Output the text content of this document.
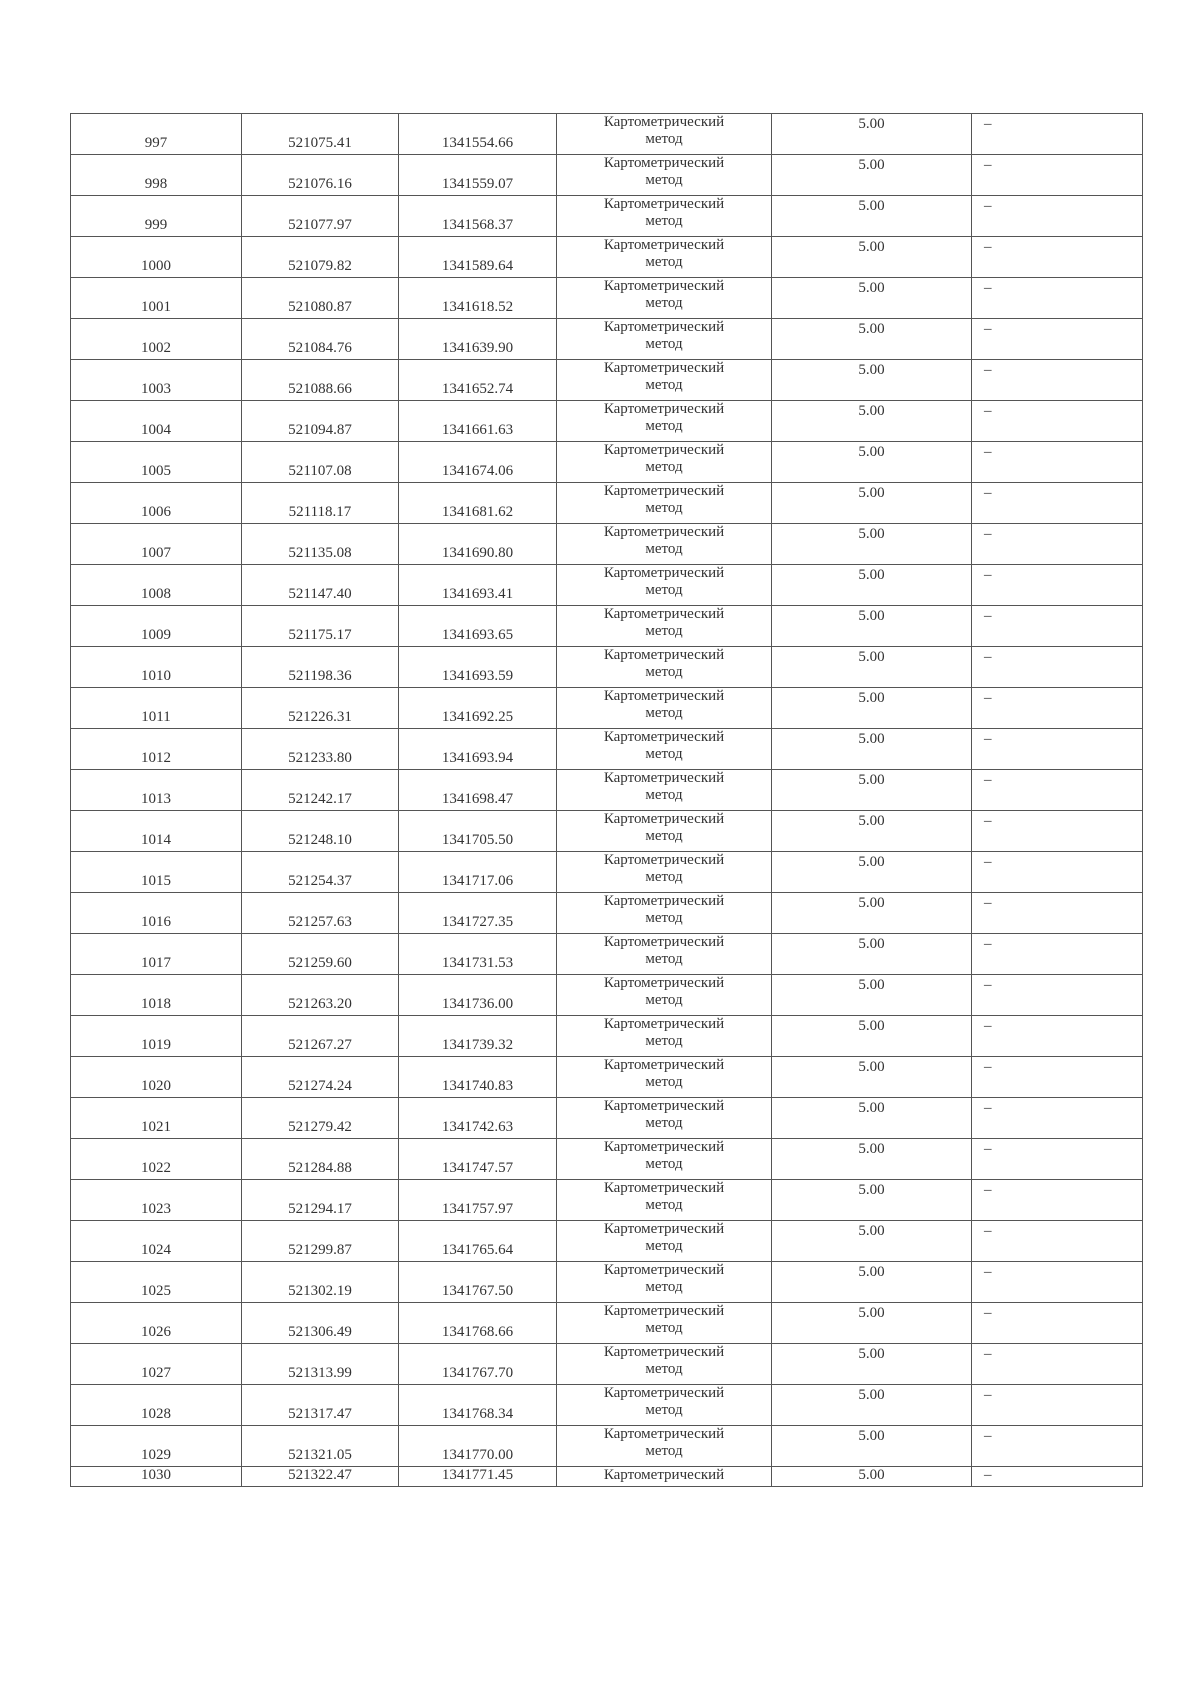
997	521075.41	1341554.66	Картометрический
метод	5.00	–

998	521076.16	1341559.07	Картометрический
метод	5.00	–

999	521077.97	1341568.37	Картометрический
метод	5.00	–

1000	521079.82	1341589.64	Картометрический
метод	5.00	–

1001	521080.87	1341618.52	Картометрический
метод	5.00	–

1002	521084.76	1341639.90	Картометрический
метод	5.00	–

1003	521088.66	1341652.74	Картометрический
метод	5.00	–

1004	521094.87	1341661.63	Картометрический
метод	5.00	–

1005	521107.08	1341674.06	Картометрический
метод	5.00	–

1006	521118.17	1341681.62	Картометрический
метод	5.00	–

1007	521135.08	1341690.80	Картометрический
метод	5.00	–

1008	521147.40	1341693.41	Картометрический
метод	5.00	–

1009	521175.17	1341693.65	Картометрический
метод	5.00	–

1010	521198.36	1341693.59	Картометрический
метод	5.00	–

1011	521226.31	1341692.25	Картометрический
метод	5.00	–

1012	521233.80	1341693.94	Картометрический
метод	5.00	–

1013	521242.17	1341698.47	Картометрический
метод	5.00	–

1014	521248.10	1341705.50	Картометрический
метод	5.00	–

1015	521254.37	1341717.06	Картометрический
метод	5.00	–

1016	521257.63	1341727.35	Картометрический
метод	5.00	–

1017	521259.60	1341731.53	Картометрический
метод	5.00	–

1018	521263.20	1341736.00	Картометрический
метод	5.00	–

1019	521267.27	1341739.32	Картометрический
метод	5.00	–

1020	521274.24	1341740.83	Картометрический
метод	5.00	–

1021	521279.42	1341742.63	Картометрический
метод	5.00	–

1022	521284.88	1341747.57	Картометрический
метод	5.00	–

1023	521294.17	1341757.97	Картометрический
метод	5.00	–

1024	521299.87	1341765.64	Картометрический
метод	5.00	–

1025	521302.19	1341767.50	Картометрический
метод	5.00	–

1026	521306.49	1341768.66	Картометрический
метод	5.00	–

1027	521313.99	1341767.70	Картометрический
метод	5.00	–

1028	521317.47	1341768.34	Картометрический
метод	5.00	–

1029	521321.05	1341770.00	Картометрический
метод	5.00	–

1030	521322.47	1341771.45	Картометрический	5.00	–
